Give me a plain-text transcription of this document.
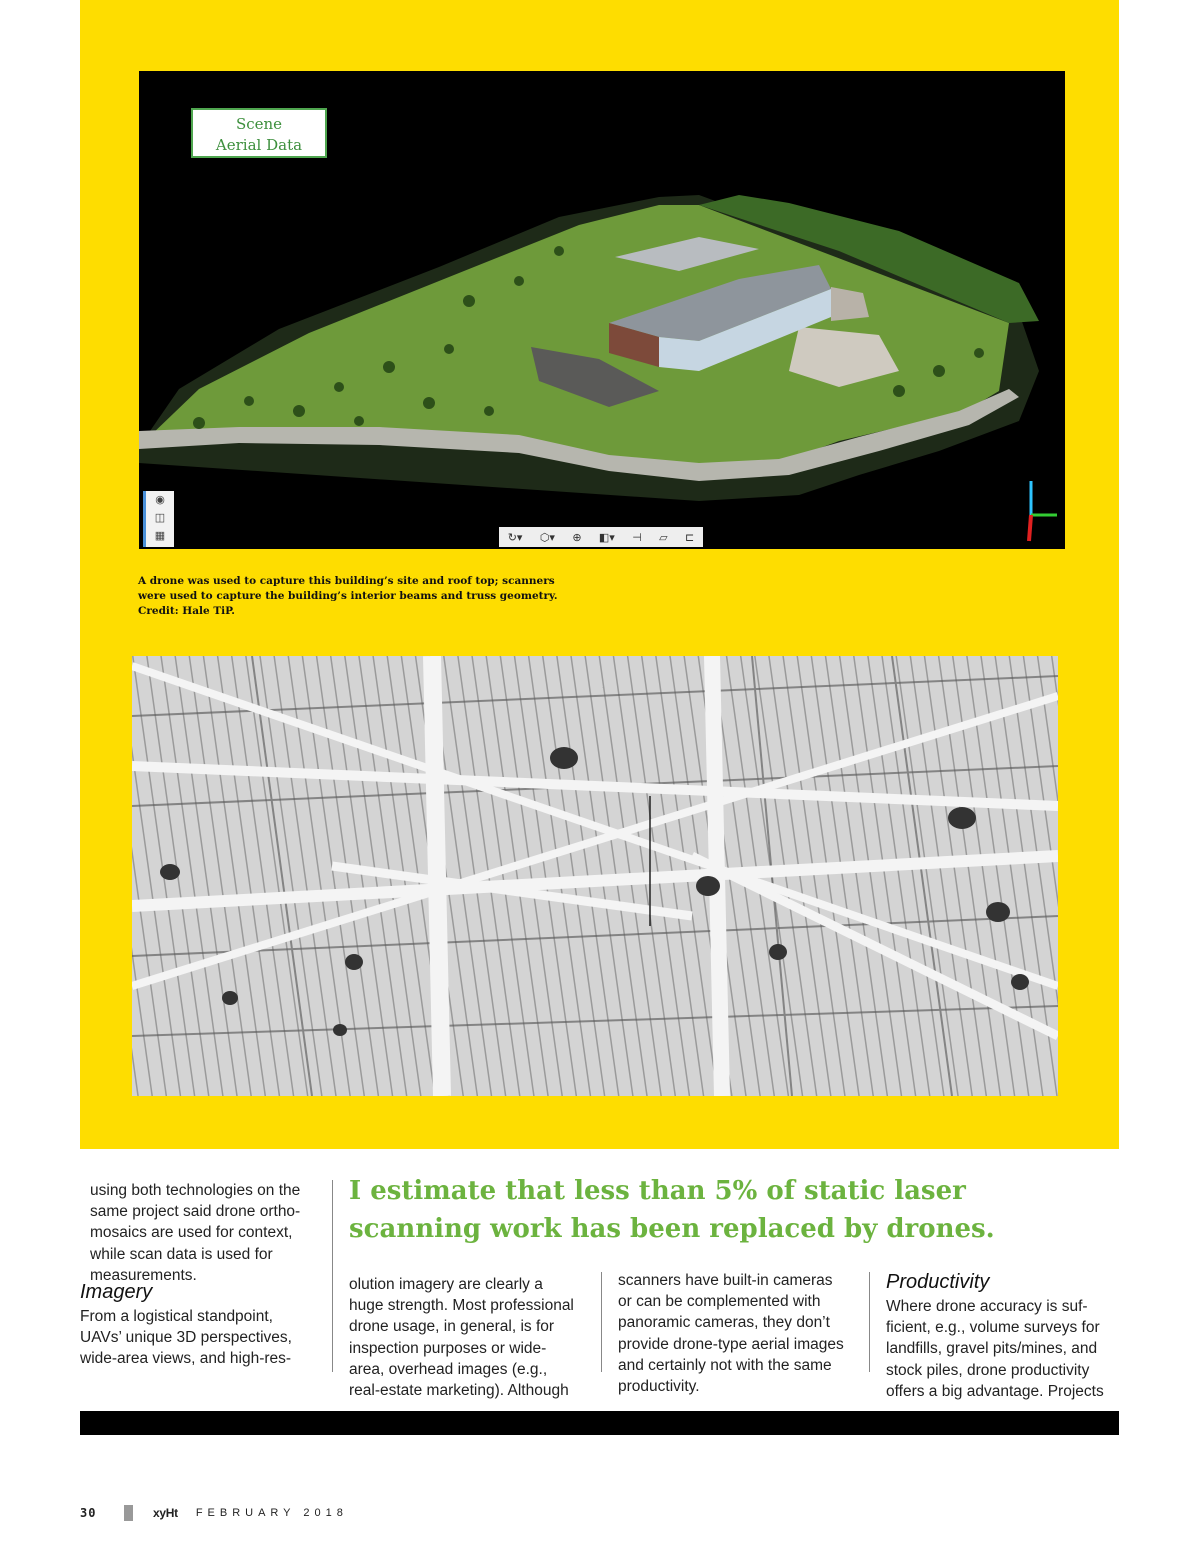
Scene
Aerial Data
◉
◫
▦	↻▾ ⬡▾ ⊕ ◧▾ ⊣ ▱ ⊏
A drone was used to capture this building’s site and roof top; scanners
were used to capture the building’s interior beams and truss geometry.
Credit: Hale TiP.
I estimate that less than 5% of static laser
scanning work has been replaced by drones.
using both technologies on the
same project said drone ortho-
mosaics are used for context,
while scan data is used for
measurements.
Imagery
From a logistical standpoint,
UAVs’ unique 3D perspectives,
wide-area views, and high-res-
olution imagery are clearly a
huge strength. Most professional
drone usage, in general, is for
inspection purposes or wide-
area, overhead images (e.g.,
real-estate marketing). Although
scanners have built-in cameras
or can be complemented with
panoramic cameras, they don’t
provide drone-type aerial images
and certainly not with the same
productivity.
Productivity
Where drone accuracy is suf-
ficient, e.g., volume surveys for
landfills, gravel pits/mines, and
stock piles, drone productivity
offers a big advantage. Projects
30	xyHt FEBRUARY 2018
